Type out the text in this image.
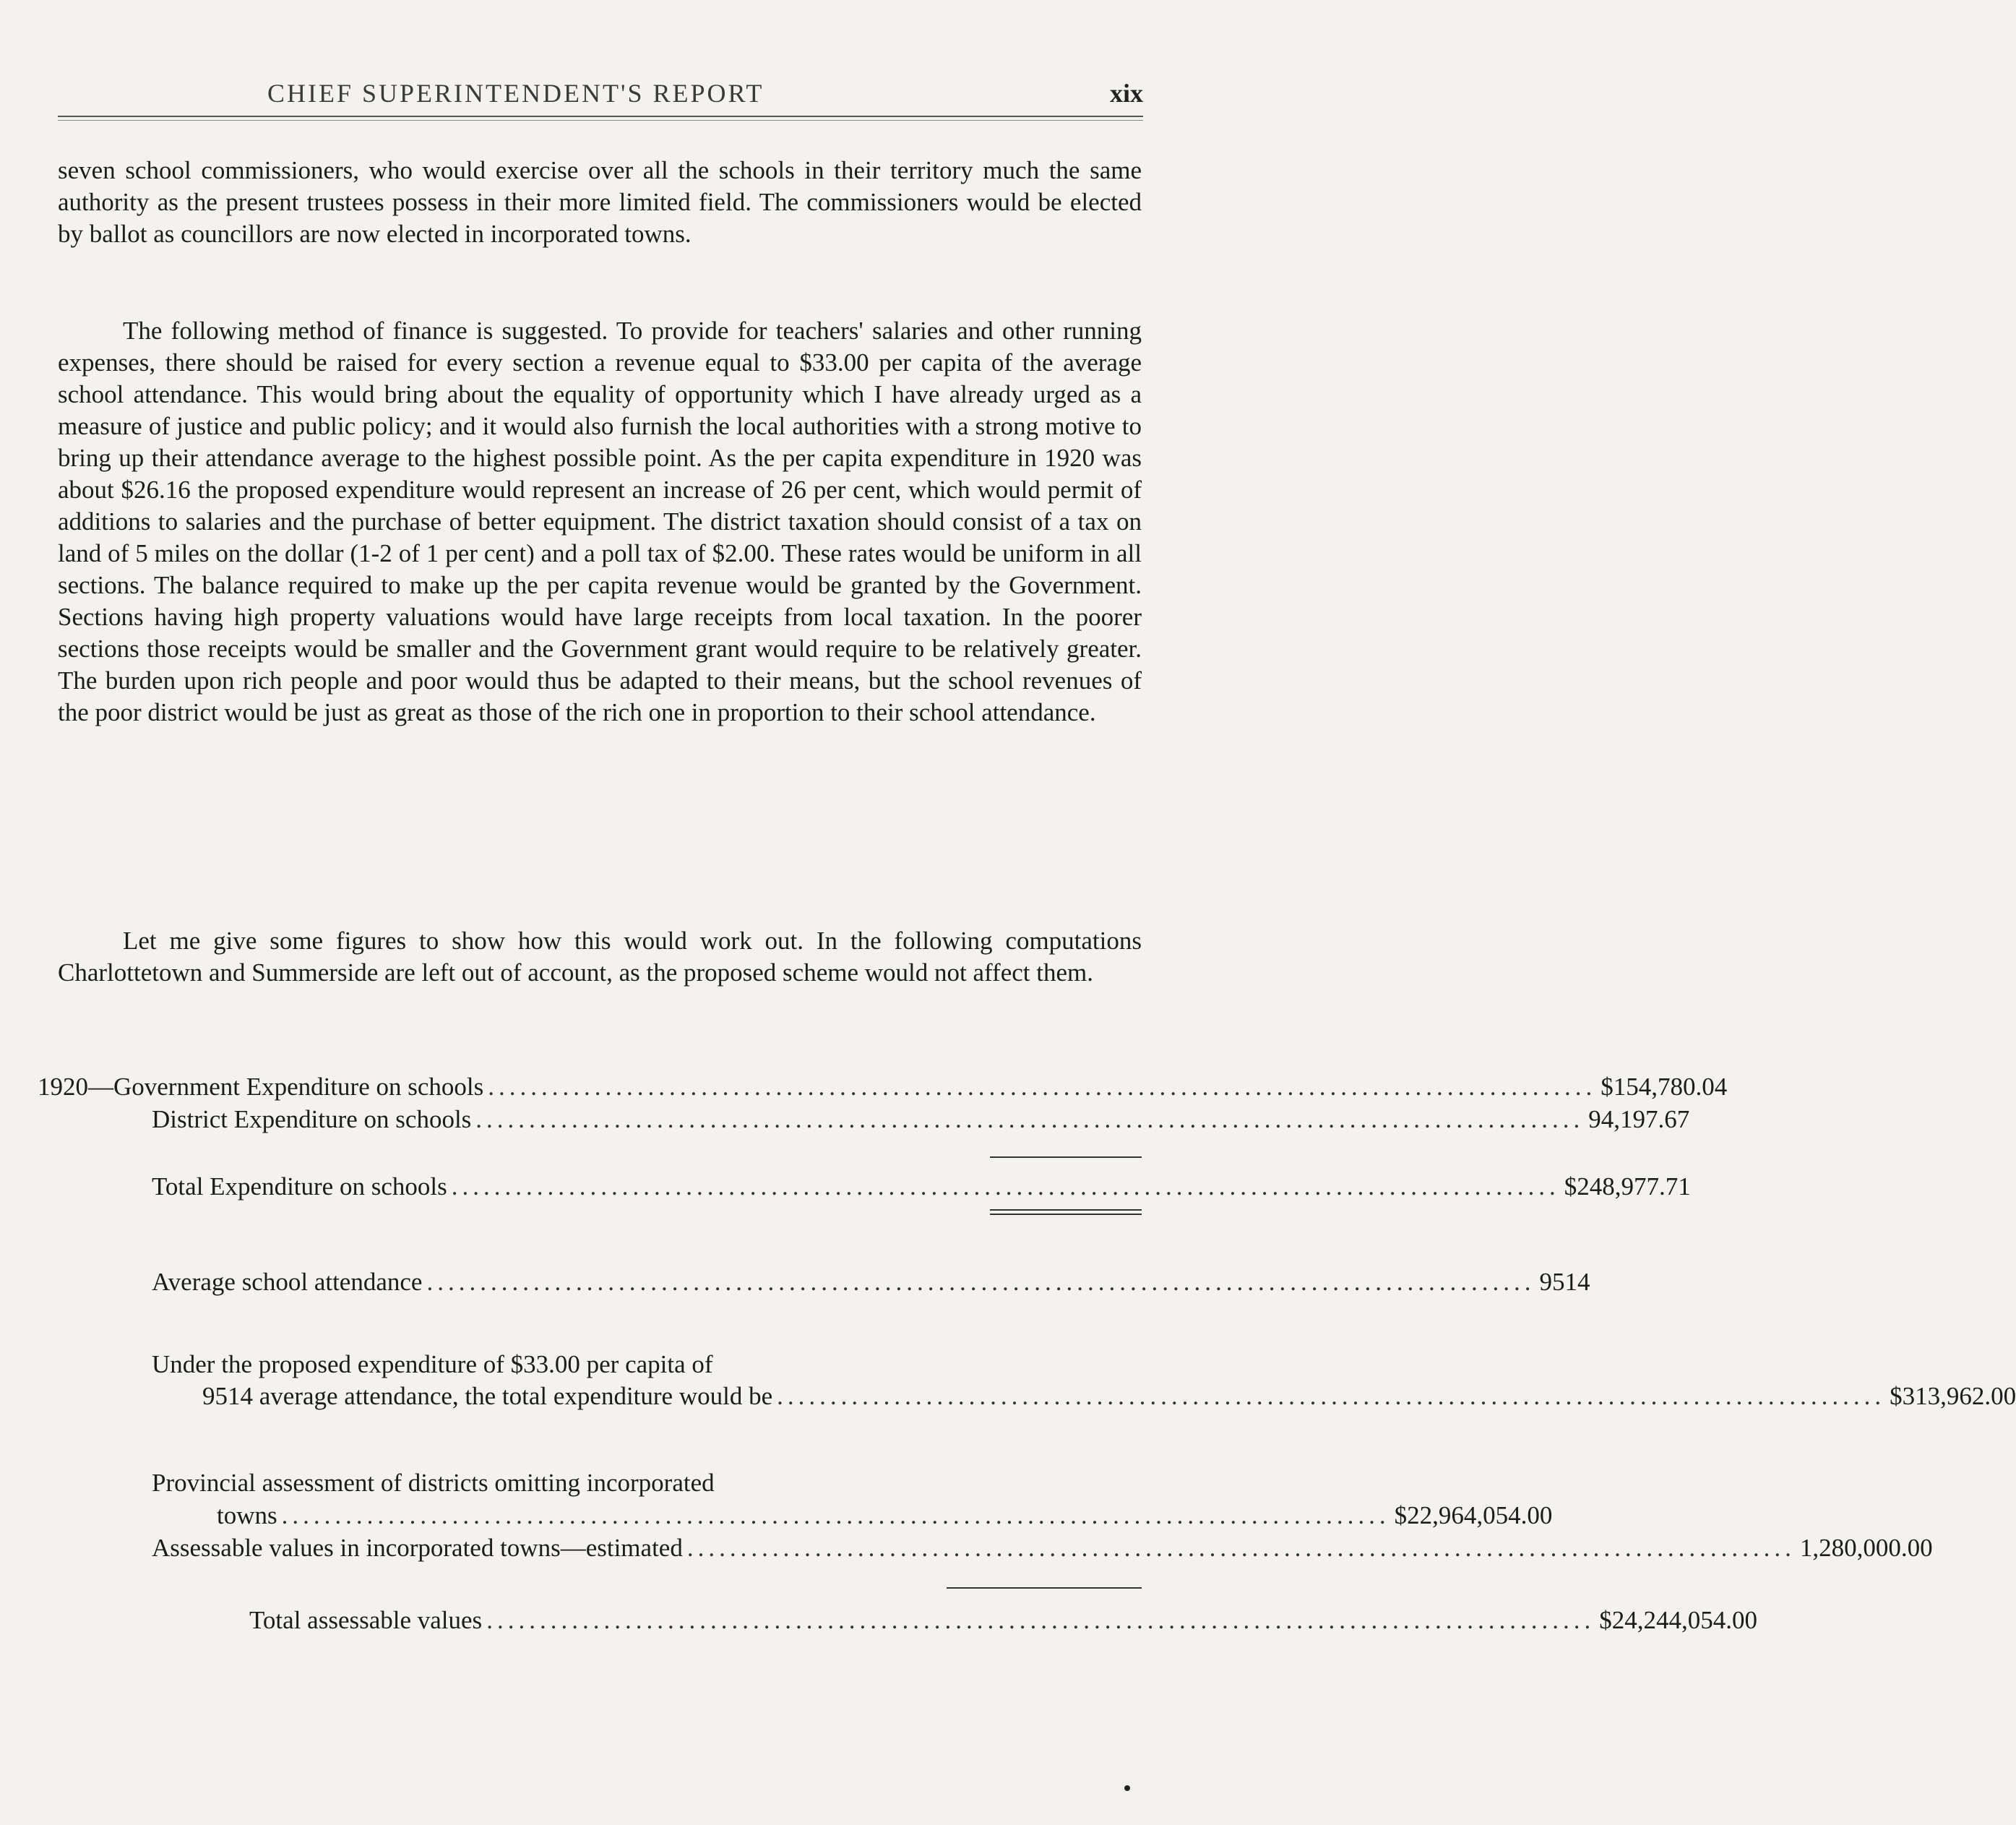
CHIEF SUPERINTENDENT'S REPORT	xix

seven school commissioners, who would exercise over all the schools in their territory much the same authority as the present trustees possess in their more limited field. The commissioners would be elected by ballot as councillors are now elected in incorporated towns.

The following method of finance is suggested. To provide for teachers' salaries and other running expenses, there should be raised for every section a revenue equal to $33.00 per capita of the average school attendance. This would bring about the equality of opportunity which I have already urged as a measure of justice and public policy; and it would also furnish the local authorities with a strong motive to bring up their attendance average to the highest possible point. As the per capita expenditure in 1920 was about $26.16 the proposed expenditure would represent an increase of 26 per cent, which would permit of additions to salaries and the purchase of better equipment. The district taxation should consist of a tax on land of 5 miles on the dollar (1-2 of 1 per cent) and a poll tax of $2.00. These rates would be uniform in all sections. The balance required to make up the per capita revenue would be granted by the Government. Sections having high property valuations would have large receipts from local taxation. In the poorer sections those receipts would be smaller and the Government grant would require to be relatively greater. The burden upon rich people and poor would thus be adapted to their means, but the school revenues of the poor district would be just as great as those of the rich one in proportion to their school attendance.

Let me give some figures to show how this would work out. In the following computations Charlottetown and Summerside are left out of account, as the proposed scheme would not affect them.

1920 —Government Expenditure on schools ........................................................................................................ $154,780.04
District Expenditure on schools ........................................................................................................ 94,197.67
Total Expenditure on schools ........................................................................................................ $248,977.71
Average school attendance ........................................................................................................ 9514
Under the proposed expenditure of $33.00 per capita of
9514 average attendance, the total expenditure would be ........................................................................................................ $313,962.00
Provincial assessment of districts omitting incorporated
towns ........................................................................................................ $22,964,054.00
Assessable values in incorporated towns—estimated ........................................................................................................ 1,280,000.00
Total assessable values ........................................................................................................ $24,244,054.00
